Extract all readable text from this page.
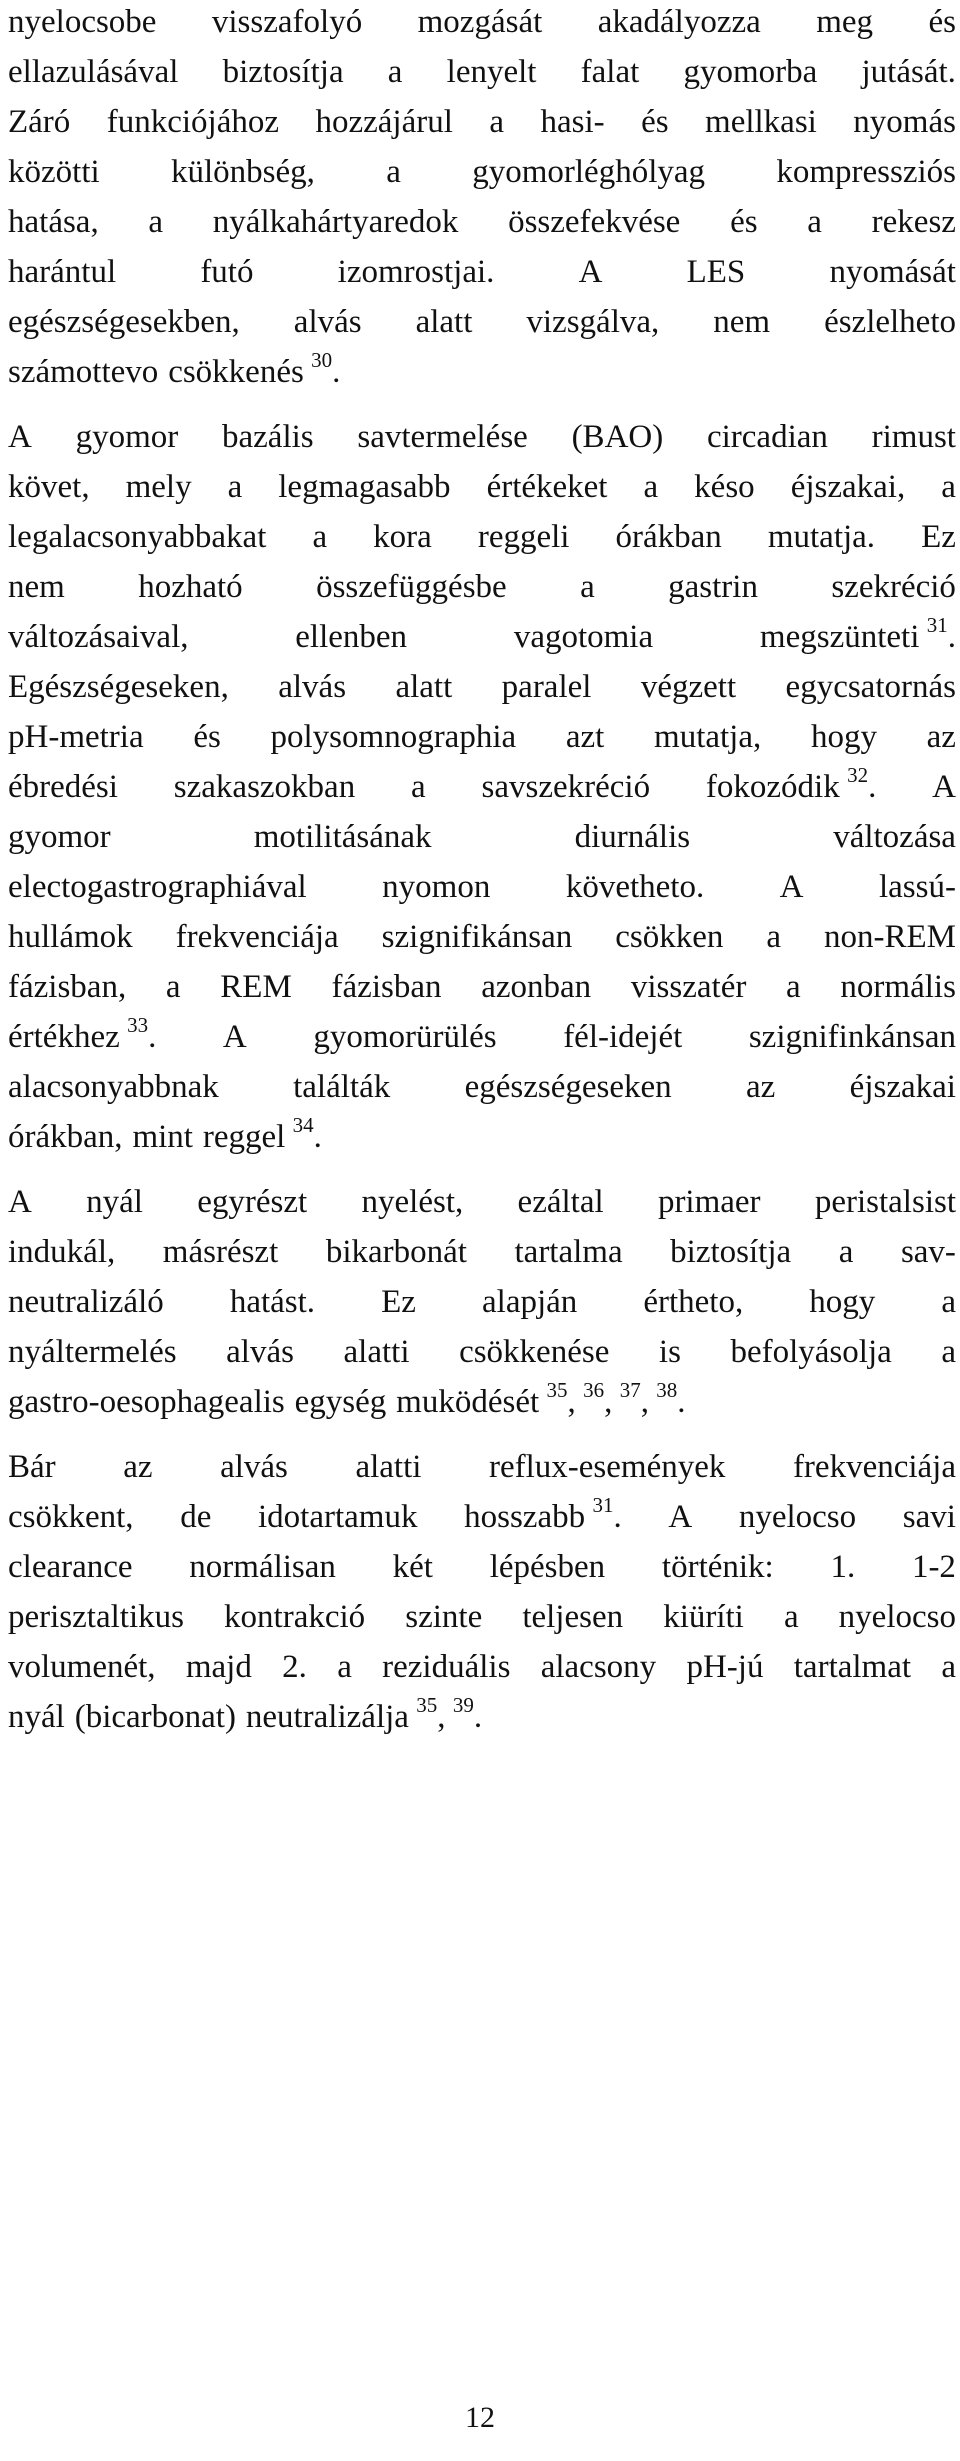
nyelocsobe visszafolyó mozgását akadályozza meg és
ellazulásával biztosítja a lenyelt falat gyomorba jutását.
Záró funkciójához hozzájárul a hasi- és mellkasi nyomás
közötti különbség, a gyomorléghólyag kompressziós
hatása, a nyálkahártyaredok összefekvése és a rekesz
harántul	futó	izomrostjai.	A	LES	nyomását
egészségesekben, alvás alatt vizsgálva, nem észlelheto
számottevo csökkenés $^{30}$.
A gyomor bazális savtermelése (BAO) circadian rimust
követ, mely a legmagasabb értékeket a késo éjszakai, a
legalacsonyabbakat a kora reggeli órákban mutatja. Ez
nem hozható összefüggésbe a gastrin szekréció
változásaival,	ellenben	vagotomia	megszünteti $^{31}$.
Egészségeseken, alvás alatt paralel végzett egycsatornás
pH-metria és polysomnographia azt mutatja, hogy az
ébredési szakaszokban a savszekréció fokozódik $^{32}$. A
gyomor	motilitásának	diurnális	változása
electogastrographiával nyomon követheto. A lassú-
hullámok frekvenciája szignifikánsan csökken a non-REM
fázisban, a REM fázisban azonban visszatér a normális
értékhez $^{33}$. A gyomorürülés fél-idejét szignifinkánsan
alacsonyabbnak találták egészségeseken az éjszakai
órákban, mint reggel $^{34}$.
A nyál egyrészt nyelést, ezáltal primaer peristalsist
indukál, másrészt bikarbonát tartalma biztosítja a sav-
neutralizáló hatást. Ez alapján értheto, hogy a
nyáltermelés alvás alatti csökkenése is befolyásolja a
gastro-oesophagealis egység muködését $^{35}$, $^{36}$, $^{37}$, $^{38}$.
Bár az alvás alatti reflux-események frekvenciája
csökkent, de idotartamuk hosszabb $^{31}$. A nyelocso savi
clearance normálisan két lépésben történik: 1. 1-2
perisztaltikus kontrakció szinte teljesen kiüríti a nyelocso
volumenét, majd 2. a reziduális alacsony pH-jú tartalmat a
nyál (bicarbonat) neutralizálja $^{35}$, $^{39}$.
12
